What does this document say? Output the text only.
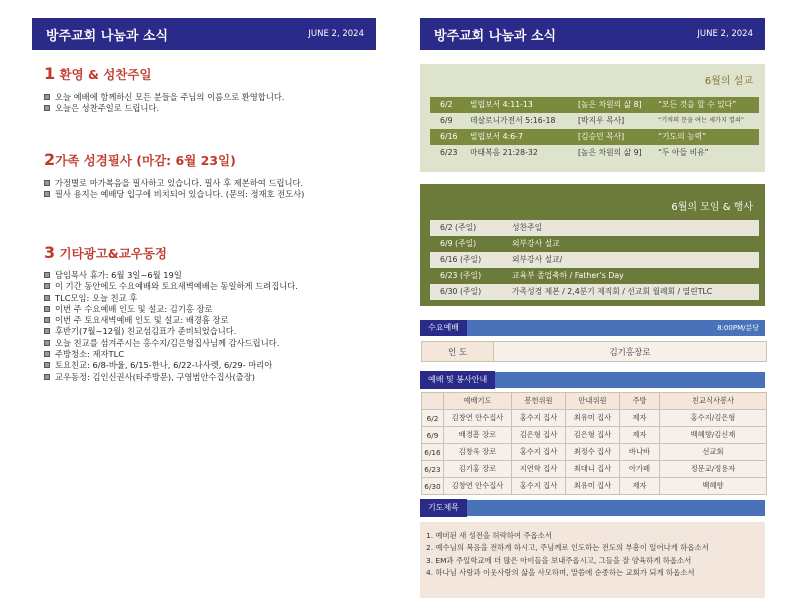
방주교회 나눔과 소식	JUNE 2, 2024
1 환영 & 성찬주일
오늘 예배에 함께하신 모든 분들을 주님의 이름으로 환영합니다.
오늘은 성찬주일로 드립니다.
2가족 성경필사 (마감: 6월 23일)
가정별로 마가복음을 필사하고 있습니다. 필사 후 제본하여 드립니다.
필사 용지는 예배당 입구에 비치되어 있습니다. (문의: 정재호 전도사)
3 기타광고&교우동정
담임목사 휴가: 6월 3일~6월 19일
이 기간 동안에도 수요예배와 토요새벽예배는 동일하게 드려집니다.
TLC모임: 오늘 친교 후
이번 주 수요예배 인도 및 설교: 김기홍 장로
이번 주 토요새벽예배 인도 및 설교: 배경흠 장로
후반기(7월~12월) 친교섬김표가 준비되었습니다.
오늘 친교를 섬겨주시는 홍수지/김은형집사님께 감사드립니다.
주방청소: 제자TLC
토요친교: 6/8-바울, 6/15-한나, 6/22-나사렛, 6/29- 마리아
교우동정: 김인신권사(타주방문), 구영범안수집사(출장)
방주교회 나눔과 소식	JUNE 2, 2024
6월의 설교
6/2 빌립보서 4:11-13	[높은 차원의 삶 8] “모든 것을 할 수 있다”
6/9 데살로니가전서 5:16-18	[박지우 목사]	“기적의 문을 여는 세가지 열쇠”
6/16 빌립보서 4:6-7	[김승민 목사]	“기도의 능력”
6/23 마태복음 21:28-32	[높은 차원의 삶 9] “두 아들 비유”
6월의 모임 & 행사
6/2 (주일)	성찬주일
6/9 (주일)	외부강사 설교
6/16 (주일)	외부강사 설교/
6/23 (주일)	교육부 졸업축하 / Father’s Day
6/30 (주일)	가족성경 제본 / 2,4분기 제직회 / 선교회 월례회 / 열린TLC
수요예배	8:00PM/분당
인 도	김기홍장로
예배 및 봉사안내
	예배기도	봉헌위원	안내위원	주방	친교식사봉사
6/2	김창연 안수집사	홍수지 집사	최유미 집사	제자	홍수지/김은형
6/9	배경흠 장로	김은형 집사	김은형 집사	제자	백혜향/김신재
6/16	김창욱 장로	홍수지 집사	최정수 집사	바나바	선교회
6/23	김기홍 장로	지연학 집사	최대니 집사	아가페	정문교/정용자
6/30	김창연 안수집사	홍수지 집사	최유미 집사	제자	백혜향
기도제목
1. 예비된 새 성전을 허락하여 주옵소서
2. 예수님의 복음을 전하게 하시고, 주님께로 인도하는 전도의 부흥이 일어나게 하옵소서
3. EM과 주일학교에 더 많은 아이들을 보내주옵시고, 그들을 잘 양육하게 하옵소서
4. 하나님 사랑과 이웃사랑의 삶을 사모하며, 말씀에 순종하는 교회가 되게 하옵소서
